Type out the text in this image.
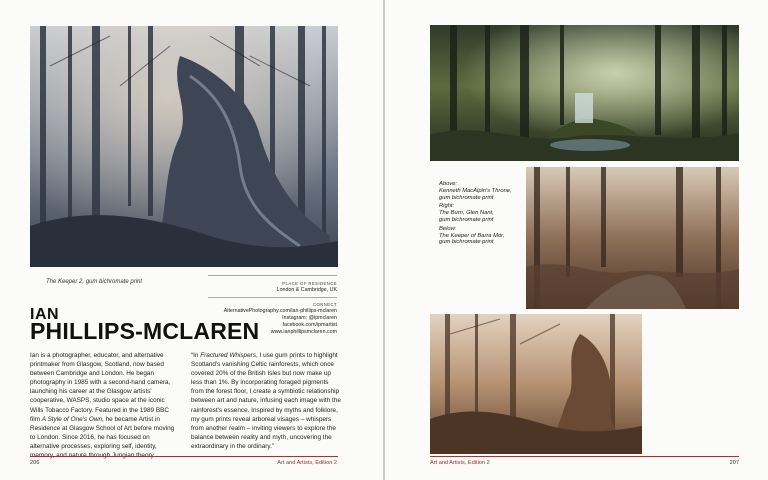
The Keeper 2, gum bichromate print	PLACE OF RESIDENCE
London & Cambridge, UK
CONNECT
AlternativePhotography.com/ian-phillips-mclaren
Instagram: @ipmclaren
facebook.com/ipmartist
www.ianphillipsmclaren.com
IAN
PHILLIPS-MCLAREN
Ian is a photographer, educator, and alternative printmaker from Glasgow, Scotland, now based between Cambridge and London. He began photography in 1985 with a second-hand camera, launching his career at the Glasgow artists' cooperative, WASPS, studio space at the iconic Wills Tobacco Factory. Featured in the 1989 BBC film A Style of One's Own, he became Artist in Residence at Glasgow School of Art before moving to London. Since 2016, he has focused on alternative processes, exploring self, identity,
“In Fractured Whispers, I use gum prints to highlight Scotland's vanishing Celtic rainforests, which once covered 20% of the British Isles but now make up less than 1%. By incorporating foraged pigments from the forest floor, I create a symbiotic relationship between art and nature, infusing each image with the rainforest's essence. Inspired by myths and folklore, my gum prints reveal arboreal visages – whispers from another realm – inviting viewers to explore the balance between reality and myth, uncovering the extraordinary in the ordinary.”
206	Art and Artists, Edition 2

Above:
Kenneth MacAlpin's Throne,
gum bichromate print

Right:
The Burn, Glen Nant,
gum bichromate print

Below:
The Keeper of Barra Mór,
gum bichromate print

Art and Artists, Edition 2	207
